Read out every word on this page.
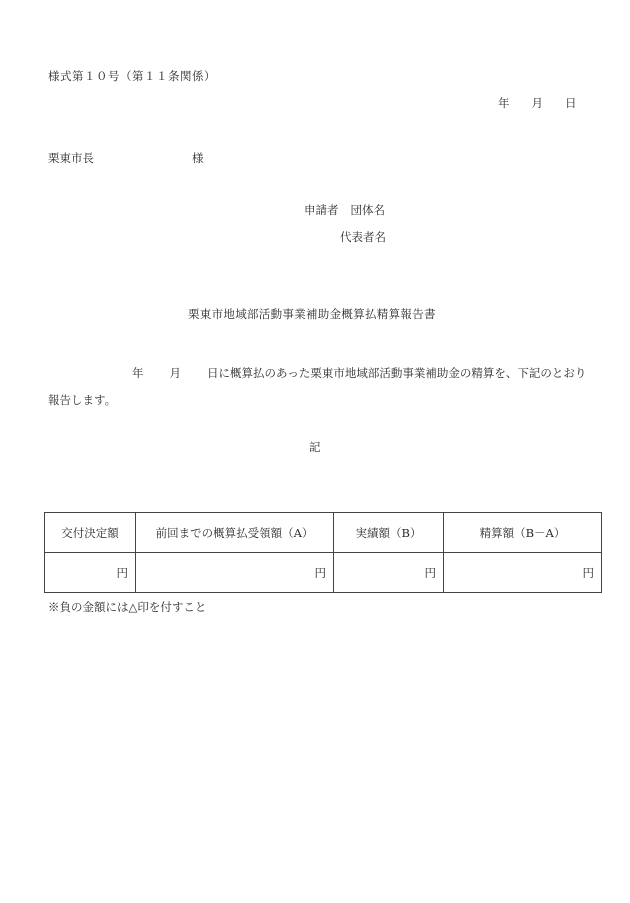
様式第１０号（第１１条関係）
年 月 日
栗東市長	様
申請者 団体名
代表者名
栗東市地域部活動事業補助金概算払精算報告書
年 月 日に概算払のあった栗東市地域部活動事業補助金の精算を、下記のとおり報告します。
記
交付決定額	前回までの概算払受領額（A）	実績額（B）	精算額（B－A）
円	円	円	円
※負の金額には△印を付すこと
